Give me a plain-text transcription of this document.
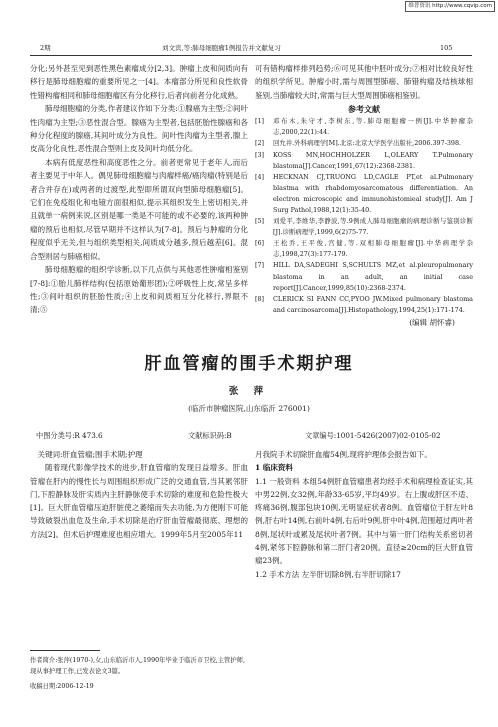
维普资讯 http://www.cqvip.com
2期	刘文宾,等:肺母细胞瘤1例报告并文献复习	105

分化;另外甚至见到恶性黑色素瘤成分[2,3]。肿瘤上皮和间质向有移行是肺母细胞瘤的重要所见之一[4]。本瘤部分所见和良性软骨性错构瘤相同和肺母细胞瘤区有分化移行,后者向前者分化成熟。

肺母细胞瘤的分类,作者建议作如下分类:①腺癌为主型;②间叶性肉瘤为主型;③恶性混合型。腺癌为主型者,包括胚胎性腺癌和各种分化程度的腺癌,其间叶成分为良性。间叶性肉瘤为主型者,腺上皮高分化良性,恶性混合型则上皮及间叶均低分化。

本病有低度恶性和高度恶性之分。前者更常见于老年人,而后者主要见于中年人。偶见肺母细胞瘤与肉瘤样癌/癌肉瘤(特别是后者合并存在)或两者的过渡型,此型即所谓双向型肺母细胞瘤[5]。它们在免疫组化和电镜方面很相似,提示其组织发生上密切相关,并且就单一病例来说,区别是哪一类是不可能的或不必要的,该两种肿瘤的预后也相似,尽管早期并不这样认为[7-8]。预后与肿瘤的分化程度似乎无关,但与组织类型相关,间质成分越多,预后越差[6]。混合型则居与肺癌相似。

肺母细胞瘤的组织学诊断,以下几点供与其他恶性肿瘤相鉴别[7-8]:①胎儿肺样结构(包括原始葡形团);②呼吸性上皮,常呈多样性;③间叶组织的胚胎性质;④上皮和间质相互分化移行,界限不清;⑤

可有错构瘤样排列趋势;⑥可见其他中胚叶成分;⑦相对比较良好性的组织学所见。肿瘤小时,需与周围型肺癌、肺错构瘤及结核球相鉴别,当肺瘤较大时,常需与巨大型周围肺癌相鉴别。

参考文献

[1]	邓布木,朱守才,李树东,等.肺母细胞瘤一例[J].中华肿瘤杂志,2000,22(1):44.
[2]	回允井.外科病理学[M].北京:北京大学医学出版社,2006.397-398.
[3]	KOSS MN,HOCHHOLZER L,OLEARY T.Pulmonary blastoma[J].Cancer,1991,67(12):2368-2381.
[4]	HECKNAN CJ,TRUONG LD,CAGLE PT,et al.Pulmonary blastma with rhabdomyosarcomatous differentiation. An electron microscopic and immunohistomieal study[J]. Am J Surg Pathol,1988,12(1):35-40.
[5]	刘爱平,李维华,李静波,等.9例成人肺母细胞瘤的病理诊断与鉴别诊断[J].诊断病理学,1999,6(2)75-77.
[6]	王松乔,王平俊,宫健,等.双相肺母细胞瘤[J].中华病理学杂志,1998,27(3):177-179.
[7]	HILL DA,SADEGHI S,SCHULTS MZ,et al.pleuropulmonary blastoma in an adult, an initial case report[J].Cancer,1999,85(10):2368-2374.
[8]	CLERICK SI FANN CC,PYOO JW.Mixed pulmonary blastoma and carcinosarcoma[J].Histopathology,1994,25(1):171-174.

(编辑 胡怀睿)

肝血管瘤的围手术期护理
张 萍
(临沂市肿瘤医院,山东临沂 276001)
中图分类号:R 473.6	文献标识码:B	文章编号:1001-5426(2007)02-0105-02

关键词:肝血管瘤;围手术期;护理

随着现代影像学技术的进步,肝血管瘤的发现日益增多。肝血管瘤在肝内的慢性长与周围组织形成广泛的交通血管,当其累邻肝门,下腔静脉及肝实质内主肝静脉使手术切除的难度和危险性极大[1]。巨大肝血管瘤压迫肝脏使之萎缩而失去功能,为方便刚下可能导致破裂出血危及生命,手术切除是治疗肝血管瘤最彻底、理想的方法[2]。但术后护理难度也相应增大。1999年5月至2005年11

月我院手术切除肝血瘤54例,现将护理体会报告如下。

1 临床资料

1.1 一般资料 本组54例肝血管瘤患者均经手术和病理检查证实,其中男22例,女32例,年龄33-65岁,平均49岁。右上腹或肝区不适、疼痛36例,腹部包块10例,无明显症状者8例。血管瘤位于肝左叶8例,肝右叶14例,右前叶4例,右后叶9例,肝中叶4例,范围超过两叶者8例,尾状叶或累及尾状叶者7例。其中与第一肝门结构关系密切者4例,紧邻下腔静脉和第二肝门者20例。直径≥20cm的巨大肝血管瘤23例。

1.2 手术方法 左半肝切除8例,右半肝切除17

作者简介:张萍(1970-),女,山东临沂市人,1990年毕业于临沂市卫校,主管护师,现从事护理工作,已发表论文3篇。
收稿日期:2006-12-19
